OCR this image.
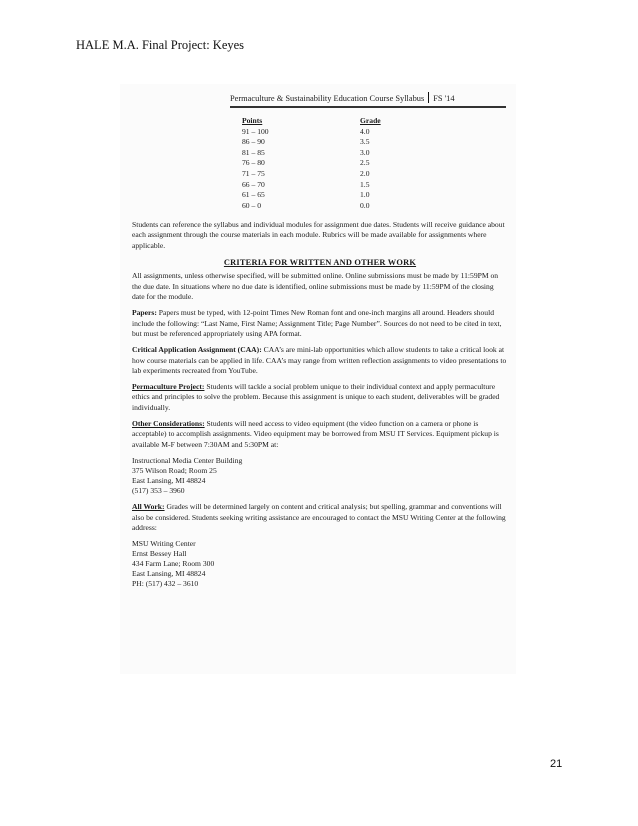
HALE M.A. Final Project: Keyes
Permaculture & Sustainability Education Course Syllabus FS '14
Points	Grade
91 – 100	4.0
86 – 90	3.5
81 – 85	3.0
76 – 80	2.5
71 – 75	2.0
66 – 70	1.5
61 – 65	1.0
60 – 0	0.0

Students can reference the syllabus and individual modules for assignment due dates. Students will receive guidance about each assignment through the course materials in each module. Rubrics will be made available for assignments where applicable.

CRITERIA FOR WRITTEN AND OTHER WORK

All assignments, unless otherwise specified, will be submitted online. Online submissions must be made by 11:59PM on the due date. In situations where no due date is identified, online submissions must be made by 11:59PM of the closing date for the module.

Papers: Papers must be typed, with 12-point Times New Roman font and one-inch margins all around. Headers should include the following: “Last Name, First Name; Assignment Title; Page Number”. Sources do not need to be cited in text, but must be referenced appropriately using APA format.

Critical Application Assignment (CAA): CAA’s are mini-lab opportunities which allow students to take a critical look at how course materials can be applied in life. CAA’s may range from written reflection assignments to video presentations to lab experiments recreated from YouTube.

Permaculture Project: Students will tackle a social problem unique to their individual context and apply permaculture ethics and principles to solve the problem. Because this assignment is unique to each student, deliverables will be graded individually.

Other Considerations: Students will need access to video equipment (the video function on a camera or phone is acceptable) to accomplish assignments. Video equipment may be borrowed from MSU IT Services. Equipment pickup is available M-F between 7:30AM and 5:30PM at:

Instructional Media Center Building
375 Wilson Road; Room 25
East Lansing, MI 48824
(517) 353 – 3960

All Work: Grades will be determined largely on content and critical analysis; but spelling, grammar and conventions will also be considered. Students seeking writing assistance are encouraged to contact the MSU Writing Center at the following address:

MSU Writing Center
Ernst Bessey Hall
434 Farm Lane; Room 300
East Lansing, MI 48824
PH: (517) 432 – 3610
21
